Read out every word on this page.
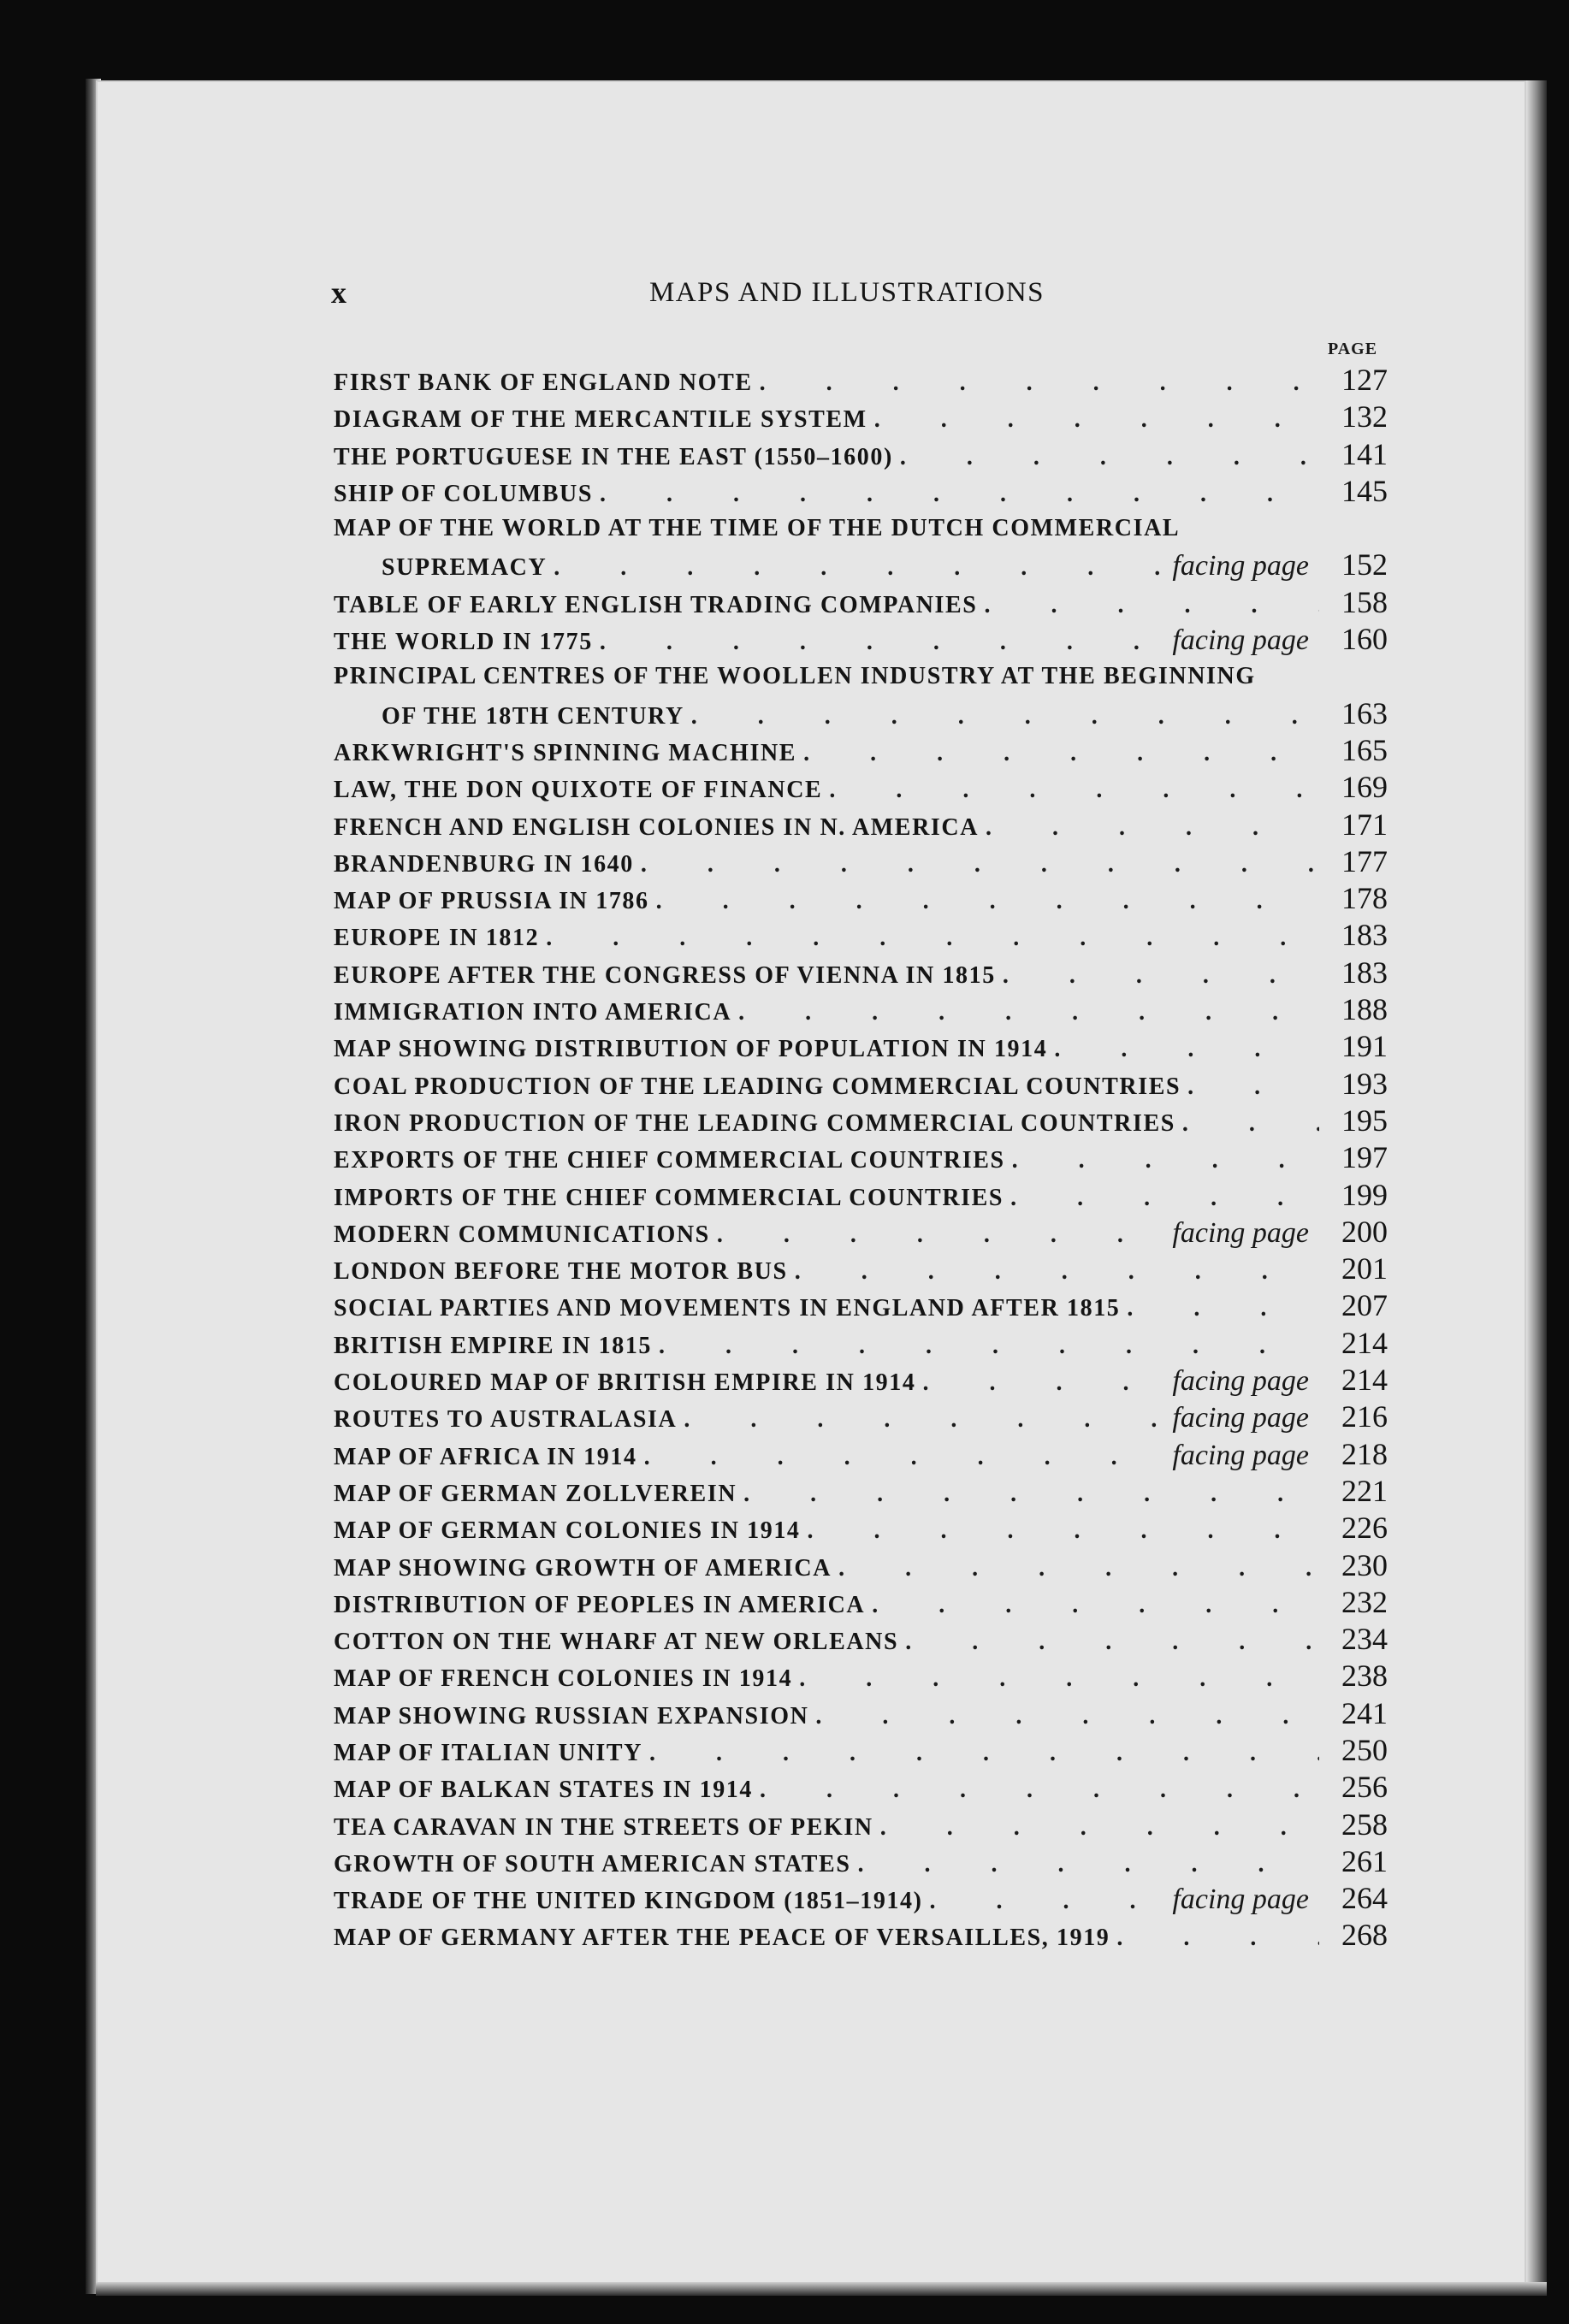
x	MAPS AND ILLUSTRATIONS
PAGE
FIRST BANK OF ENGLAND NOTE . . .	127
DIAGRAM OF THE MERCANTILE SYSTEM . . .	132
THE PORTUGUESE IN THE EAST (1550–1600) . . .	141
SHIP OF COLUMBUS . . .	145
MAP OF THE WORLD AT THE TIME OF THE DUTCH COMMERCIAL
SUPREMACY . . .	facing page	152
TABLE OF EARLY ENGLISH TRADING COMPANIES . . .	158
THE WORLD IN 1775 . . .	facing page	160
PRINCIPAL CENTRES OF THE WOOLLEN INDUSTRY AT THE BEGINNING
OF THE 18TH CENTURY . . .	163
ARKWRIGHT'S SPINNING MACHINE . . .	165
LAW, THE DON QUIXOTE OF FINANCE . . .	169
FRENCH AND ENGLISH COLONIES IN N. AMERICA . . .	171
BRANDENBURG IN 1640 . . .	177
MAP OF PRUSSIA IN 1786 . . .	178
EUROPE IN 1812 . . .	183
EUROPE AFTER THE CONGRESS OF VIENNA IN 1815 . . .	183
IMMIGRATION INTO AMERICA . . .	188
MAP SHOWING DISTRIBUTION OF POPULATION IN 1914 . . .	191
COAL PRODUCTION OF THE LEADING COMMERCIAL COUNTRIES . . .	193
IRON PRODUCTION OF THE LEADING COMMERCIAL COUNTRIES . . .	195
EXPORTS OF THE CHIEF COMMERCIAL COUNTRIES . . .	197
IMPORTS OF THE CHIEF COMMERCIAL COUNTRIES . . .	199
MODERN COMMUNICATIONS . . .	facing page	200
LONDON BEFORE THE MOTOR BUS . . .	201
SOCIAL PARTIES AND MOVEMENTS IN ENGLAND AFTER 1815 . . .	207
BRITISH EMPIRE IN 1815 . . .	214
COLOURED MAP OF BRITISH EMPIRE IN 1914 . . .	facing page	214
ROUTES TO AUSTRALASIA . . .	facing page	216
MAP OF AFRICA IN 1914 . . .	facing page	218
MAP OF GERMAN ZOLLVEREIN . . .	221
MAP OF GERMAN COLONIES IN 1914 . . .	226
MAP SHOWING GROWTH OF AMERICA . . .	230
DISTRIBUTION OF PEOPLES IN AMERICA . . .	232
COTTON ON THE WHARF AT NEW ORLEANS . . .	234
MAP OF FRENCH COLONIES IN 1914 . . .	238
MAP SHOWING RUSSIAN EXPANSION . . .	241
MAP OF ITALIAN UNITY . . .	250
MAP OF BALKAN STATES IN 1914 . . .	256
TEA CARAVAN IN THE STREETS OF PEKIN . . .	258
GROWTH OF SOUTH AMERICAN STATES . . .	261
TRADE OF THE UNITED KINGDOM (1851–1914) . . .	facing page	264
MAP OF GERMANY AFTER THE PEACE OF VERSAILLES, 1919 . . .	268
